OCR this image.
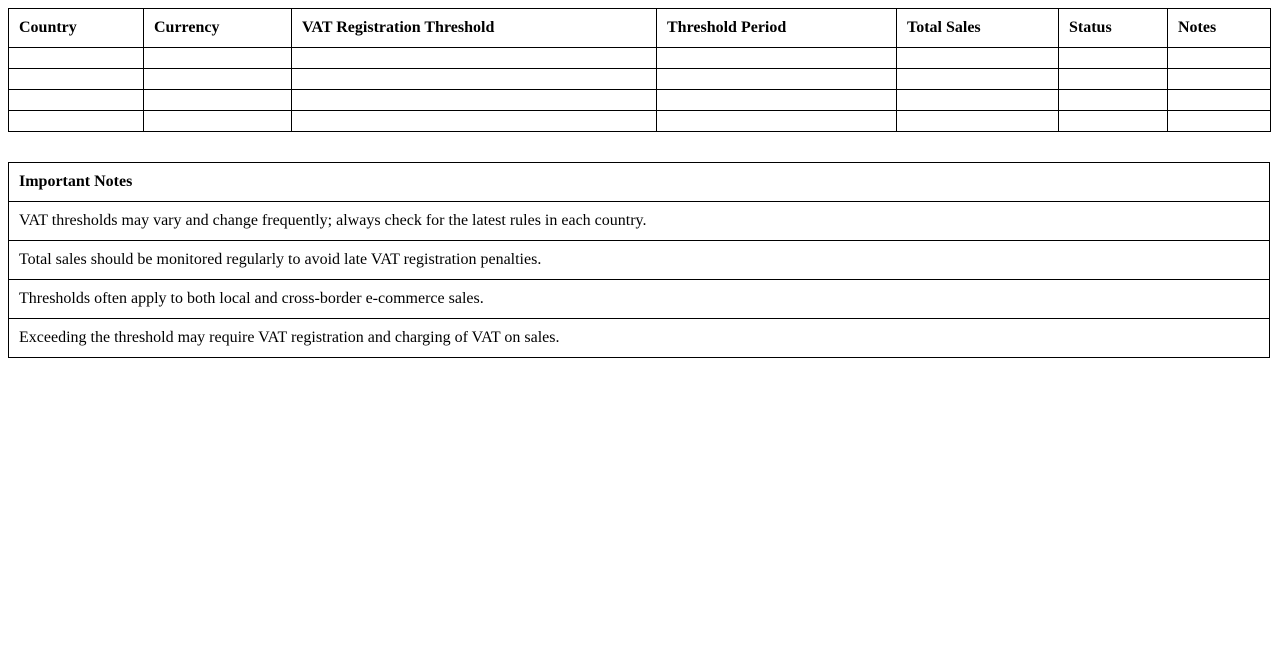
Country	Currency	VAT Registration Threshold	Threshold Period	Total Sales	Status	Notes

Important Notes
VAT thresholds may vary and change frequently; always check for the latest rules in each country.
Total sales should be monitored regularly to avoid late VAT registration penalties.
Thresholds often apply to both local and cross-border e-commerce sales.
Exceeding the threshold may require VAT registration and charging of VAT on sales.
